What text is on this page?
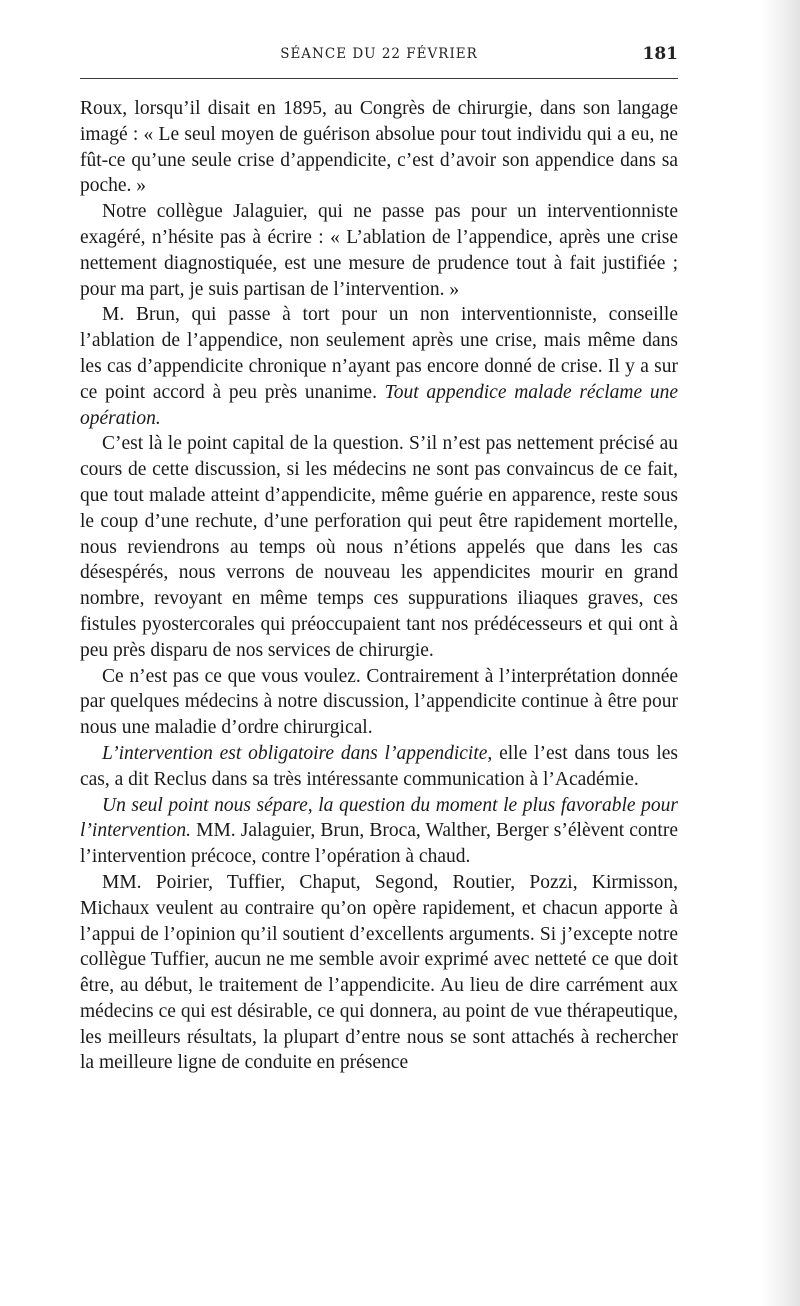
SÉANCE DU 22 FÉVRIER	181

Roux, lorsqu’il disait en 1895, au Congrès de chirurgie, dans son langage imagé : « Le seul moyen de guérison absolue pour tout individu qui a eu, ne fût-ce qu’une seule crise d’appendicite, c’est d’avoir son appendice dans sa poche. »

Notre collègue Jalaguier, qui ne passe pas pour un interventionniste exagéré, n’hésite pas à écrire : « L’ablation de l’appendice, après une crise nettement diagnostiquée, est une mesure de prudence tout à fait justifiée ; pour ma part, je suis partisan de l’intervention. »

M. Brun, qui passe à tort pour un non interventionniste, conseille l’ablation de l’appendice, non seulement après une crise, mais même dans les cas d’appendicite chronique n’ayant pas encore donné de crise. Il y a sur ce point accord à peu près unanime. Tout appendice malade réclame une opération.

C’est là le point capital de la question. S’il n’est pas nettement précisé au cours de cette discussion, si les médecins ne sont pas convaincus de ce fait, que tout malade atteint d’appendicite, même guérie en apparence, reste sous le coup d’une rechute, d’une perforation qui peut être rapidement mortelle, nous reviendrons au temps où nous n’étions appelés que dans les cas désespérés, nous verrons de nouveau les appendicites mourir en grand nombre, revoyant en même temps ces suppurations iliaques graves, ces fistules pyostercorales qui préoccupaient tant nos prédécesseurs et qui ont à peu près disparu de nos services de chirurgie.

Ce n’est pas ce que vous voulez. Contrairement à l’interprétation donnée par quelques médecins à notre discussion, l’appendicite continue à être pour nous une maladie d’ordre chirurgical.

L’intervention est obligatoire dans l’appendicite, elle l’est dans tous les cas, a dit Reclus dans sa très intéressante communication à l’Académie.

Un seul point nous sépare, la question du moment le plus favorable pour l’intervention. MM. Jalaguier, Brun, Broca, Walther, Berger s’élèvent contre l’intervention précoce, contre l’opération à chaud.

MM. Poirier, Tuffier, Chaput, Segond, Routier, Pozzi, Kirmisson, Michaux veulent au contraire qu’on opère rapidement, et chacun apporte à l’appui de l’opinion qu’il soutient d’excellents arguments. Si j’excepte notre collègue Tuffier, aucun ne me semble avoir exprimé avec netteté ce que doit être, au début, le traitement de l’appendicite. Au lieu de dire carrément aux médecins ce qui est désirable, ce qui donnera, au point de vue thérapeutique, les meilleurs résultats, la plupart d’entre nous se sont attachés à rechercher la meilleure ligne de conduite en présence
